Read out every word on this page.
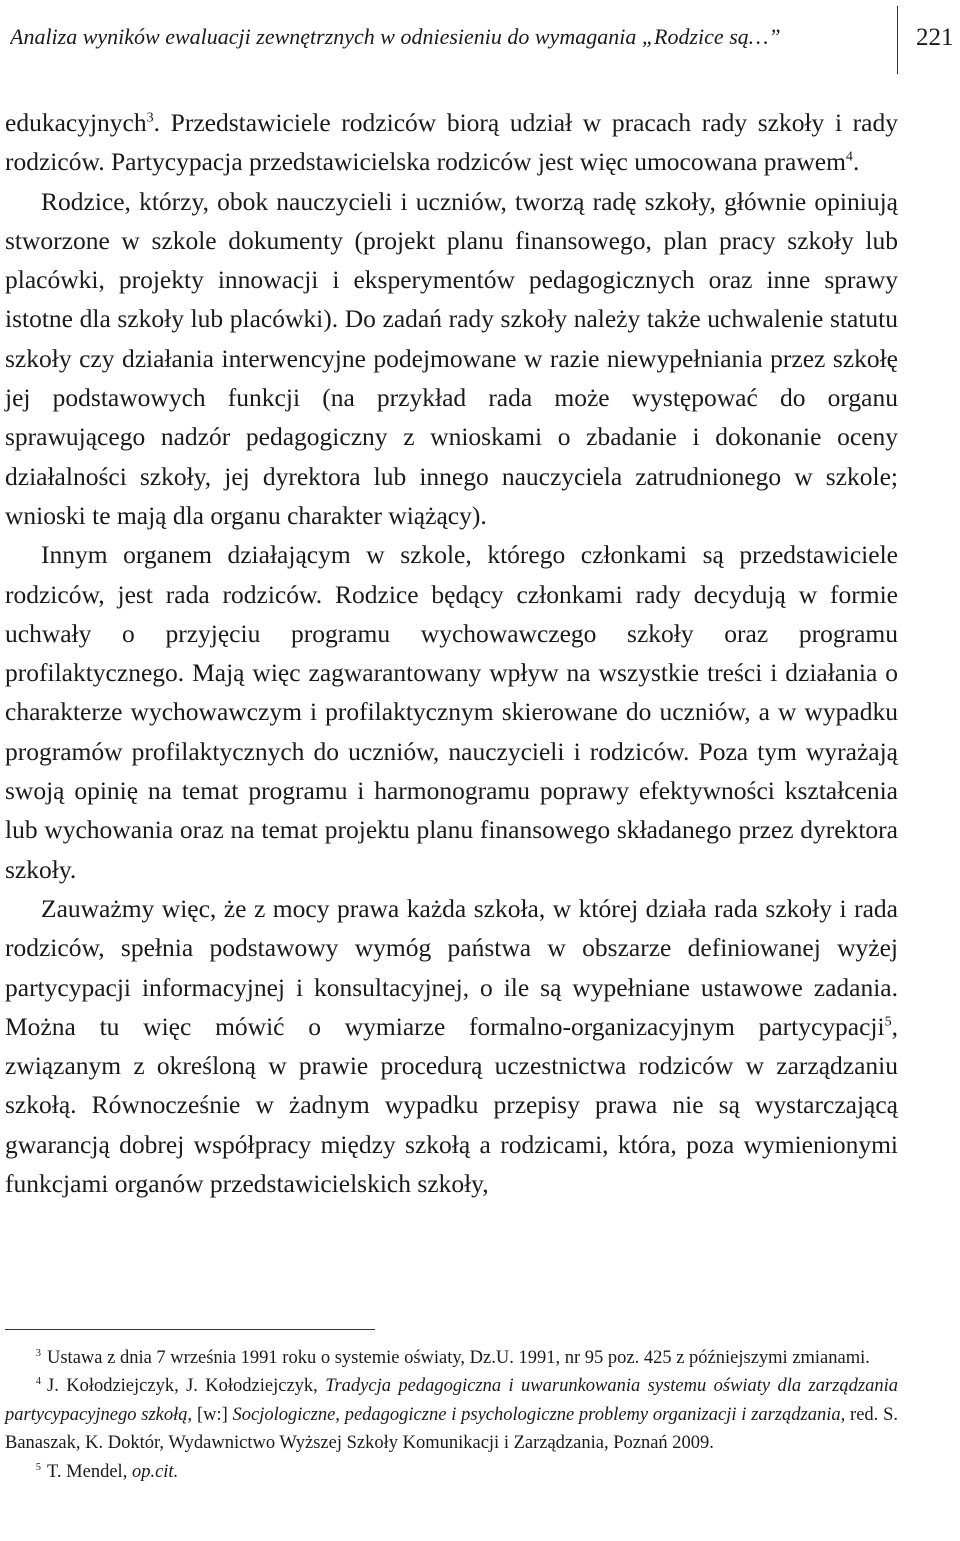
Analiza wyników ewaluacji zewnętrznych w odniesieniu do wymagania „Rodzice są…”	221

edukacyjnych$^3$. Przedstawiciele rodziców biorą udział w pracach rady szkoły i rady rodziców. Partycypacja przedstawicielska rodziców jest więc umocowana prawem$^4$.

Rodzice, którzy, obok nauczycieli i uczniów, tworzą radę szkoły, głównie opiniują stworzone w szkole dokumenty (projekt planu finansowego, plan pracy szkoły lub placówki, projekty innowacji i eksperymentów pedagogicznych oraz inne sprawy istotne dla szkoły lub placówki). Do zadań rady szkoły należy także uchwalenie statutu szkoły czy działania interwencyjne podejmowane w razie niewypełniania przez szkołę jej podstawowych funkcji (na przykład rada może występować do organu sprawującego nadzór pedagogiczny z wnioskami o zbadanie i dokonanie oceny działalności szkoły, jej dyrektora lub innego nauczyciela zatrudnionego w szkole; wnioski te mają dla organu charakter wiążący).

Innym organem działającym w szkole, którego członkami są przedstawiciele rodziców, jest rada rodziców. Rodzice będący członkami rady decydują w formie uchwały o przyjęciu programu wychowawczego szkoły oraz programu profilaktycznego. Mają więc zagwarantowany wpływ na wszystkie treści i działania o charakterze wychowawczym i profilaktycznym skierowane do uczniów, a w wypadku programów profilaktycznych do uczniów, nauczycieli i rodziców. Poza tym wyrażają swoją opinię na temat programu i harmonogramu poprawy efektywności kształcenia lub wychowania oraz na temat projektu planu finansowego składanego przez dyrektora szkoły.

Zauważmy więc, że z mocy prawa każda szkoła, w której działa rada szkoły i rada rodziców, spełnia podstawowy wymóg państwa w obszarze definiowanej wyżej partycypacji informacyjnej i konsultacyjnej, o ile są wypełniane ustawowe zadania. Można tu więc mówić o wymiarze formalno-organizacyjnym partycypacji$^5$, związanym z określoną w prawie procedurą uczestnictwa rodziców w zarządzaniu szkołą. Równocześnie w żadnym wypadku przepisy prawa nie są wystarczającą gwarancją dobrej współpracy między szkołą a rodzicami, która, poza wymienionymi funkcjami organów przedstawicielskich szkoły,

$^3$ Ustawa z dnia 7 września 1991 roku o systemie oświaty, Dz.U. 1991, nr 95 poz. 425 z późniejszymi zmianami.

$^4$ J. Kołodziejczyk, J. Kołodziejczyk, Tradycja pedagogiczna i uwarunkowania systemu oświaty dla zarządzania partycypacyjnego szkołą, [w:] Socjologiczne, pedagogiczne i psychologiczne problemy organizacji i zarządzania, red. S. Banaszak, K. Doktór, Wydawnictwo Wyższej Szkoły Komunikacji i Zarządzania, Poznań 2009.

$^5$ T. Mendel, op.cit.
